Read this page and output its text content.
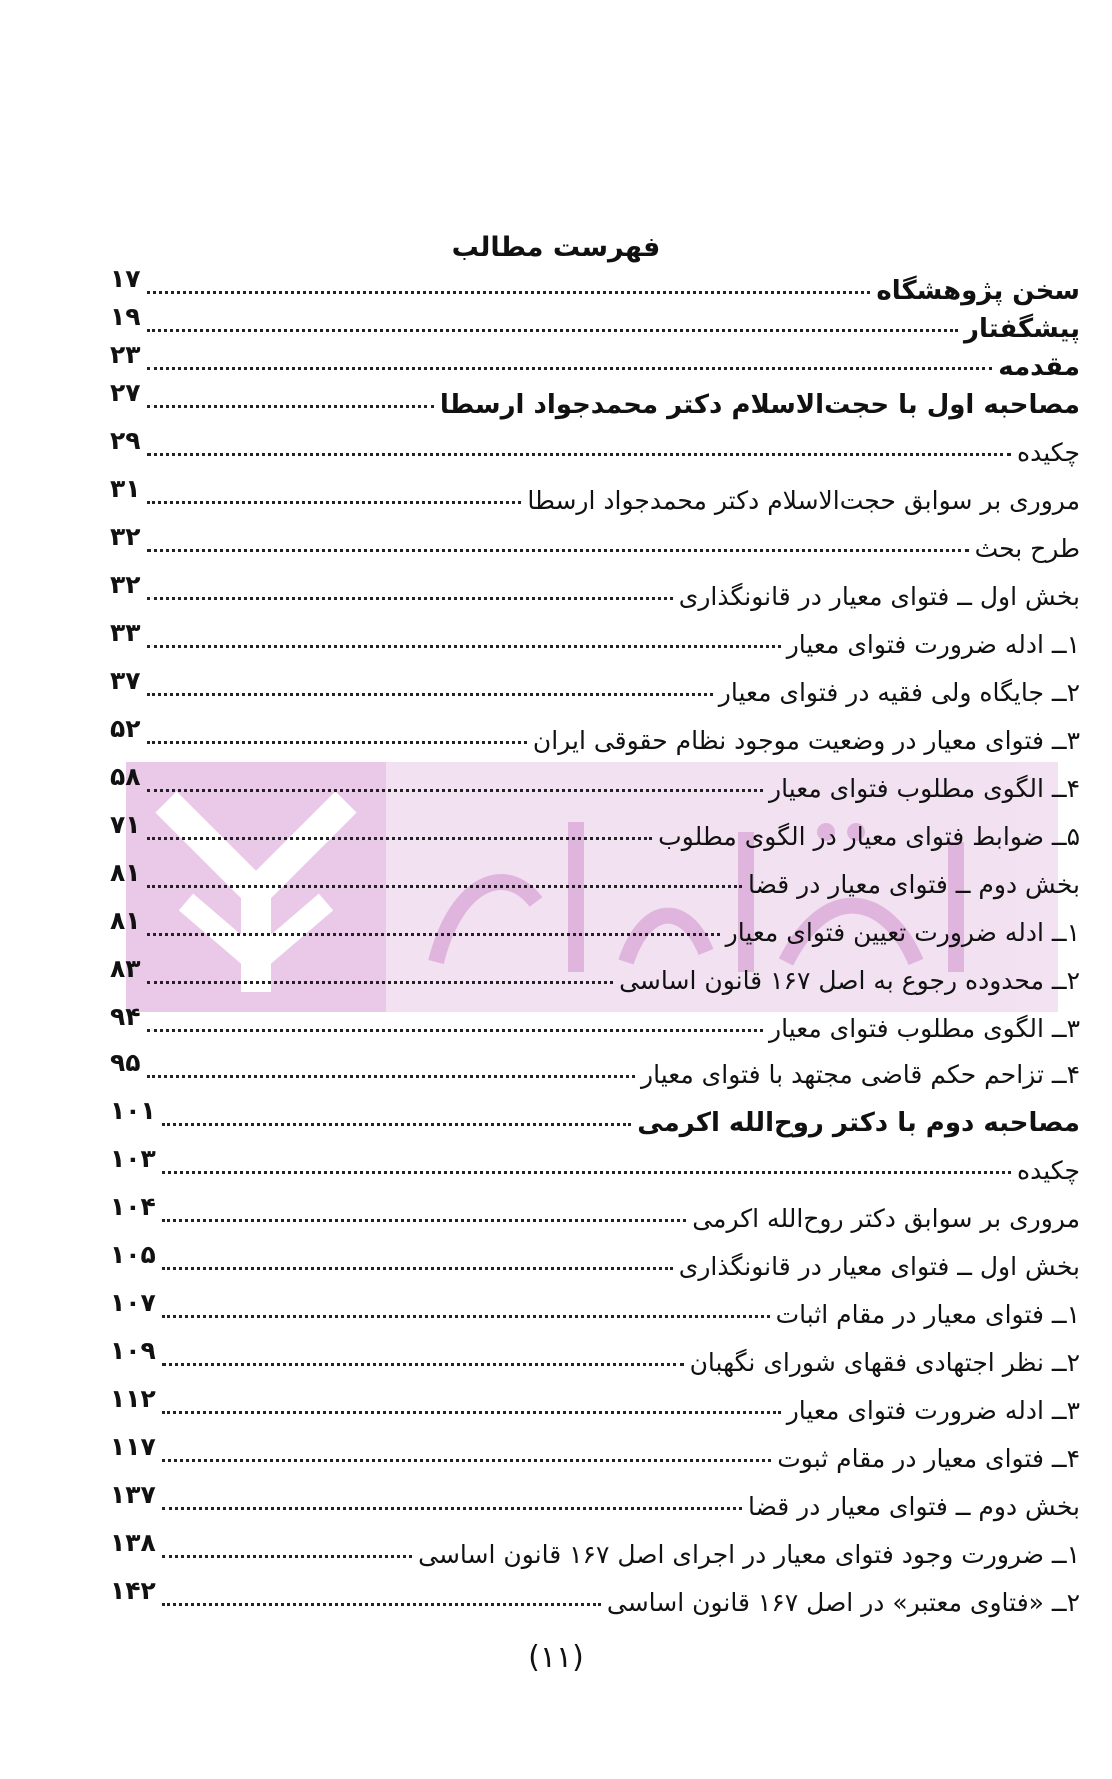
فهرست مطالب
۱۷	سخن پژوهشگاه
۱۹	پیشگفتار
۲۳	مقدمه
۲۷	مصاحبه اول با حجت‌الاسلام دکتر محمدجواد ارسطا
۲۹	چکیده
۳۱	مروری بر سوابق حجت‌الاسلام دکتر محمدجواد ارسطا
۳۲	طرح بحث
۳۲	بخش اول ــ فتوای معیار در قانونگذاری
۳۳	۱ــ ادله ضرورت فتوای معیار
۳۷	۲ــ جایگاه ولی فقیه در فتوای معیار
۵۲	۳ــ فتوای معیار در وضعیت موجود نظام حقوقی ایران
۵۸	۴ــ الگوی مطلوب فتوای معیار
۷۱	۵ــ ضوابط فتوای معیار در الگوی مطلوب
۸۱	بخش دوم ــ فتوای معیار در قضا
۸۱	۱ــ ادله ضرورت تعیین فتوای معیار
۸۳	۲ــ محدوده رجوع به اصل ۱۶۷ قانون اساسی
۹۴	۳ــ الگوی مطلوب فتوای معیار
۹۵	۴ــ تزاحم حکم قاضی مجتهد با فتوای معیار
۱۰۱	مصاحبه دوم با دکتر روح‌الله اکرمی
۱۰۳	چکیده
۱۰۴	مروری بر سوابق دکتر روح‌الله اکرمی
۱۰۵	بخش اول ــ فتوای معیار در قانونگذاری
۱۰۷	۱ــ فتوای معیار در مقام اثبات
۱۰۹	۲ــ نظر اجتهادی فقهای شورای نگهبان
۱۱۲	۳ــ ادله ضرورت فتوای معیار
۱۱۷	۴ــ فتوای معیار در مقام ثبوت
۱۳۷	بخش دوم ــ فتوای معیار در قضا
۱۳۸	۱ــ ضرورت وجود فتوای معیار در اجرای اصل ۱۶۷ قانون اساسی
۱۴۲	۲ــ «فتاوی معتبر» در اصل ۱۶۷ قانون اساسی
(۱۱)
